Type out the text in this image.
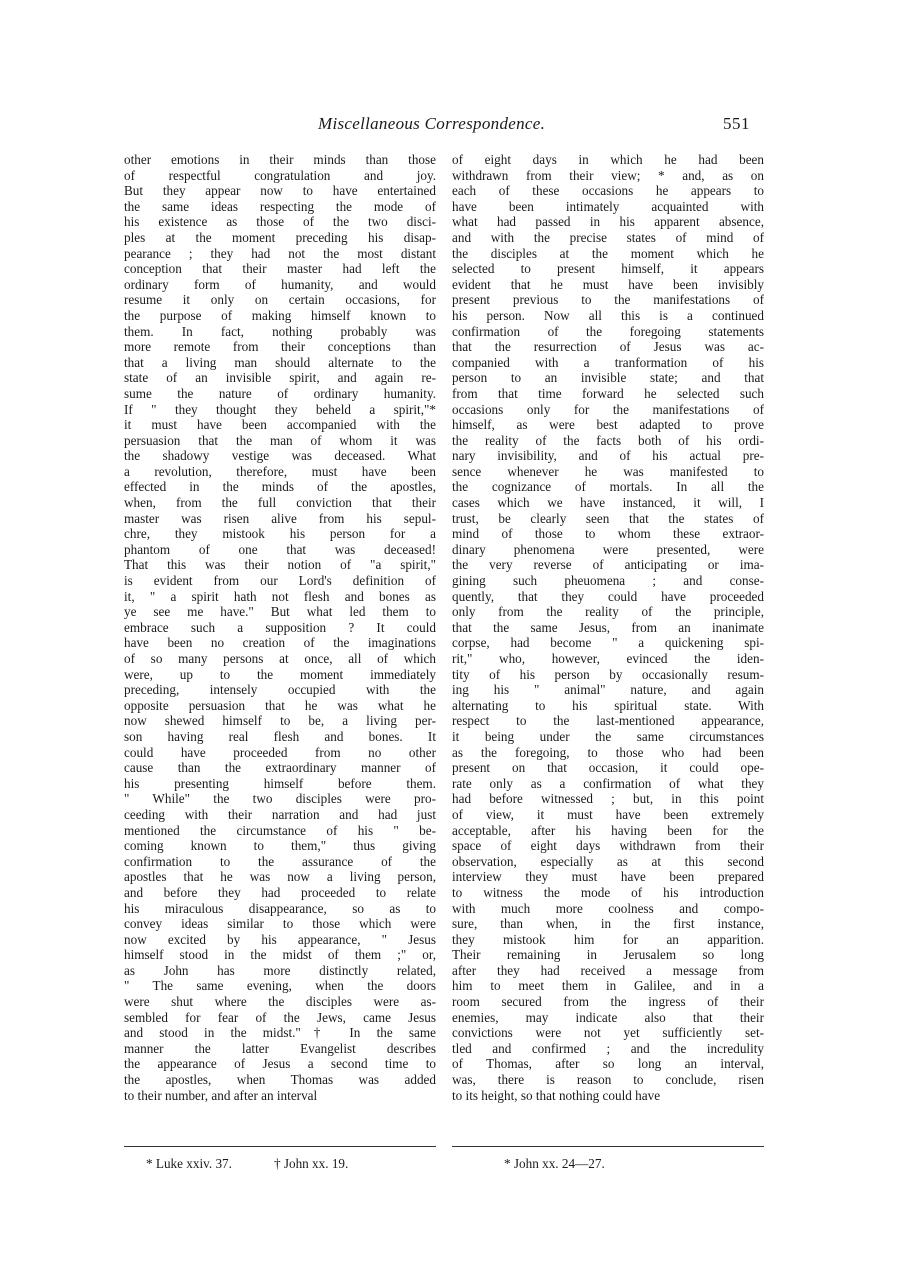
Miscellaneous Correspondence.	551
other emotions in their minds than those
of respectful congratulation and joy.
But they appear now to have entertained
the same ideas respecting the mode of
his existence as those of the two disci-
ples at the moment preceding his disap-
pearance ; they had not the most distant
conception that their master had left the
ordinary form of humanity, and would
resume it only on certain occasions, for
the purpose of making himself known to
them. In fact, nothing probably was
more remote from their conceptions than
that a living man should alternate to the
state of an invisible spirit, and again re-
sume the nature of ordinary humanity.
If " they thought they beheld a spirit,"*
it must have been accompanied with the
persuasion that the man of whom it was
the shadowy vestige was deceased. What
a revolution, therefore, must have been
effected in the minds of the apostles,
when, from the full conviction that their
master was risen alive from his sepul-
chre, they mistook his person for a
phantom of one that was deceased!
That this was their notion of "a spirit,"
is evident from our Lord's definition of
it, " a spirit hath not flesh and bones as
ye see me have." But what led them to
embrace such a supposition ? It could
have been no creation of the imaginations
of so many persons at once, all of which
were, up to the moment immediately
preceding, intensely occupied with the
opposite persuasion that he was what he
now shewed himself to be, a living per-
son having real flesh and bones. It
could have proceeded from no other
cause than the extraordinary manner of
his presenting himself before them.
" While" the two disciples were pro-
ceeding with their narration and had just
mentioned the circumstance of his " be-
coming known to them," thus giving
confirmation to the assurance of the
apostles that he was now a living person,
and before they had proceeded to relate
his miraculous disappearance, so as to
convey ideas similar to those which were
now excited by his appearance, " Jesus
himself stood in the midst of them ;" or,
as John has more distinctly related,
" The same evening, when the doors
were shut where the disciples were as-
sembled for fear of the Jews, came Jesus
and stood in the midst."† In the same
manner the latter Evangelist describes
the appearance of Jesus a second time to
the apostles, when Thomas was added
to their number, and after an interval
* Luke xxiv. 37.	† John xx. 19.
of eight days in which he had been
withdrawn from their view; * and, as on
each of these occasions he appears to
have been intimately acquainted with
what had passed in his apparent absence,
and with the precise states of mind of
the disciples at the moment which he
selected to present himself, it appears
evident that he must have been invisibly
present previous to the manifestations of
his person. Now all this is a continued
confirmation of the foregoing statements
that the resurrection of Jesus was ac-
companied with a tranformation of his
person to an invisible state; and that
from that time forward he selected such
occasions only for the manifestations of
himself, as were best adapted to prove
the reality of the facts both of his ordi-
nary invisibility, and of his actual pre-
sence whenever he was manifested to
the cognizance of mortals. In all the
cases which we have instanced, it will, I
trust, be clearly seen that the states of
mind of those to whom these extraor-
dinary phenomena were presented, were
the very reverse of anticipating or ima-
gining such pheuomena ; and conse-
quently, that they could have proceeded
only from the reality of the principle,
that the same Jesus, from an inanimate
corpse, had become " a quickening spi-
rit," who, however, evinced the iden-
tity of his person by occasionally resum-
ing his " animal" nature, and again
alternating to his spiritual state. With
respect to the last-mentioned appearance,
it being under the same circumstances
as the foregoing, to those who had been
present on that occasion, it could ope-
rate only as a confirmation of what they
had before witnessed ; but, in this point
of view, it must have been extremely
acceptable, after his having been for the
space of eight days withdrawn from their
observation, especially as at this second
interview they must have been prepared
to witness the mode of his introduction
with much more coolness and compo-
sure, than when, in the first instance,
they mistook him for an apparition.
Their remaining in Jerusalem so long
after they had received a message from
him to meet them in Galilee, and in a
room secured from the ingress of their
enemies, may indicate also that their
convictions were not yet sufficiently set-
tled and confirmed ; and the incredulity
of Thomas, after so long an interval,
was, there is reason to conclude, risen
to its height, so that nothing could have
* John xx. 24—27.
